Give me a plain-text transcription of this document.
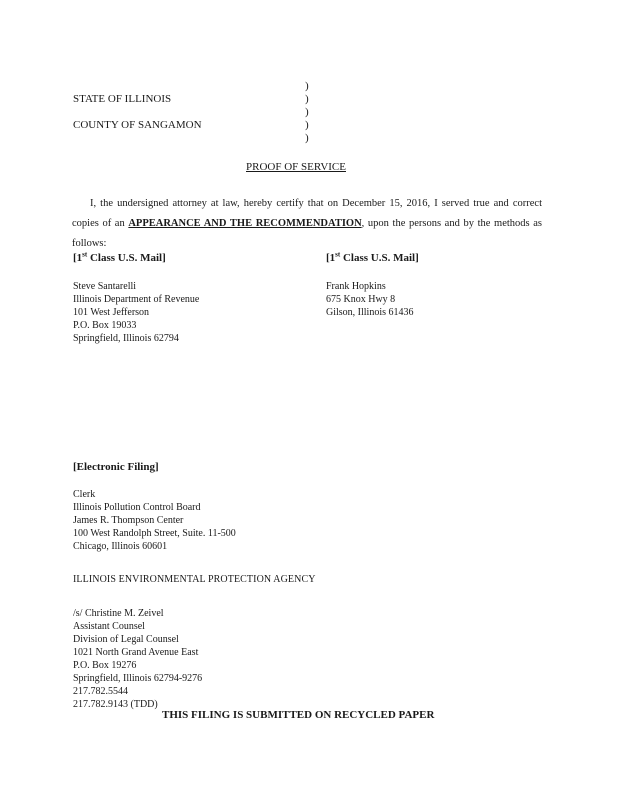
)
)
)
)
)
STATE OF ILLINOIS
COUNTY OF SANGAMON
PROOF OF SERVICE
I, the undersigned attorney at law, hereby certify that on December 15, 2016, I served true and correct copies of an APPEARANCE AND THE RECOMMENDATION, upon the persons and by the methods as follows:
[1st Class U.S. Mail]
Steve Santarelli
Illinois Department of Revenue
101 West Jefferson
P.O. Box 19033
Springfield, Illinois 62794
[1st Class U.S. Mail]
Frank Hopkins
675 Knox Hwy 8
Gilson, Illinois 61436
[Electronic Filing]
Clerk
Illinois Pollution Control Board
James R. Thompson Center
100 West Randolph Street, Suite. 11-500
Chicago, Illinois 60601
ILLINOIS ENVIRONMENTAL PROTECTION AGENCY
/s/ Christine M. Zeivel
Assistant Counsel
Division of Legal Counsel
1021 North Grand Avenue East
P.O. Box 19276
Springfield, Illinois 62794-9276
217.782.5544
217.782.9143 (TDD)
THIS FILING IS SUBMITTED ON RECYCLED PAPER
